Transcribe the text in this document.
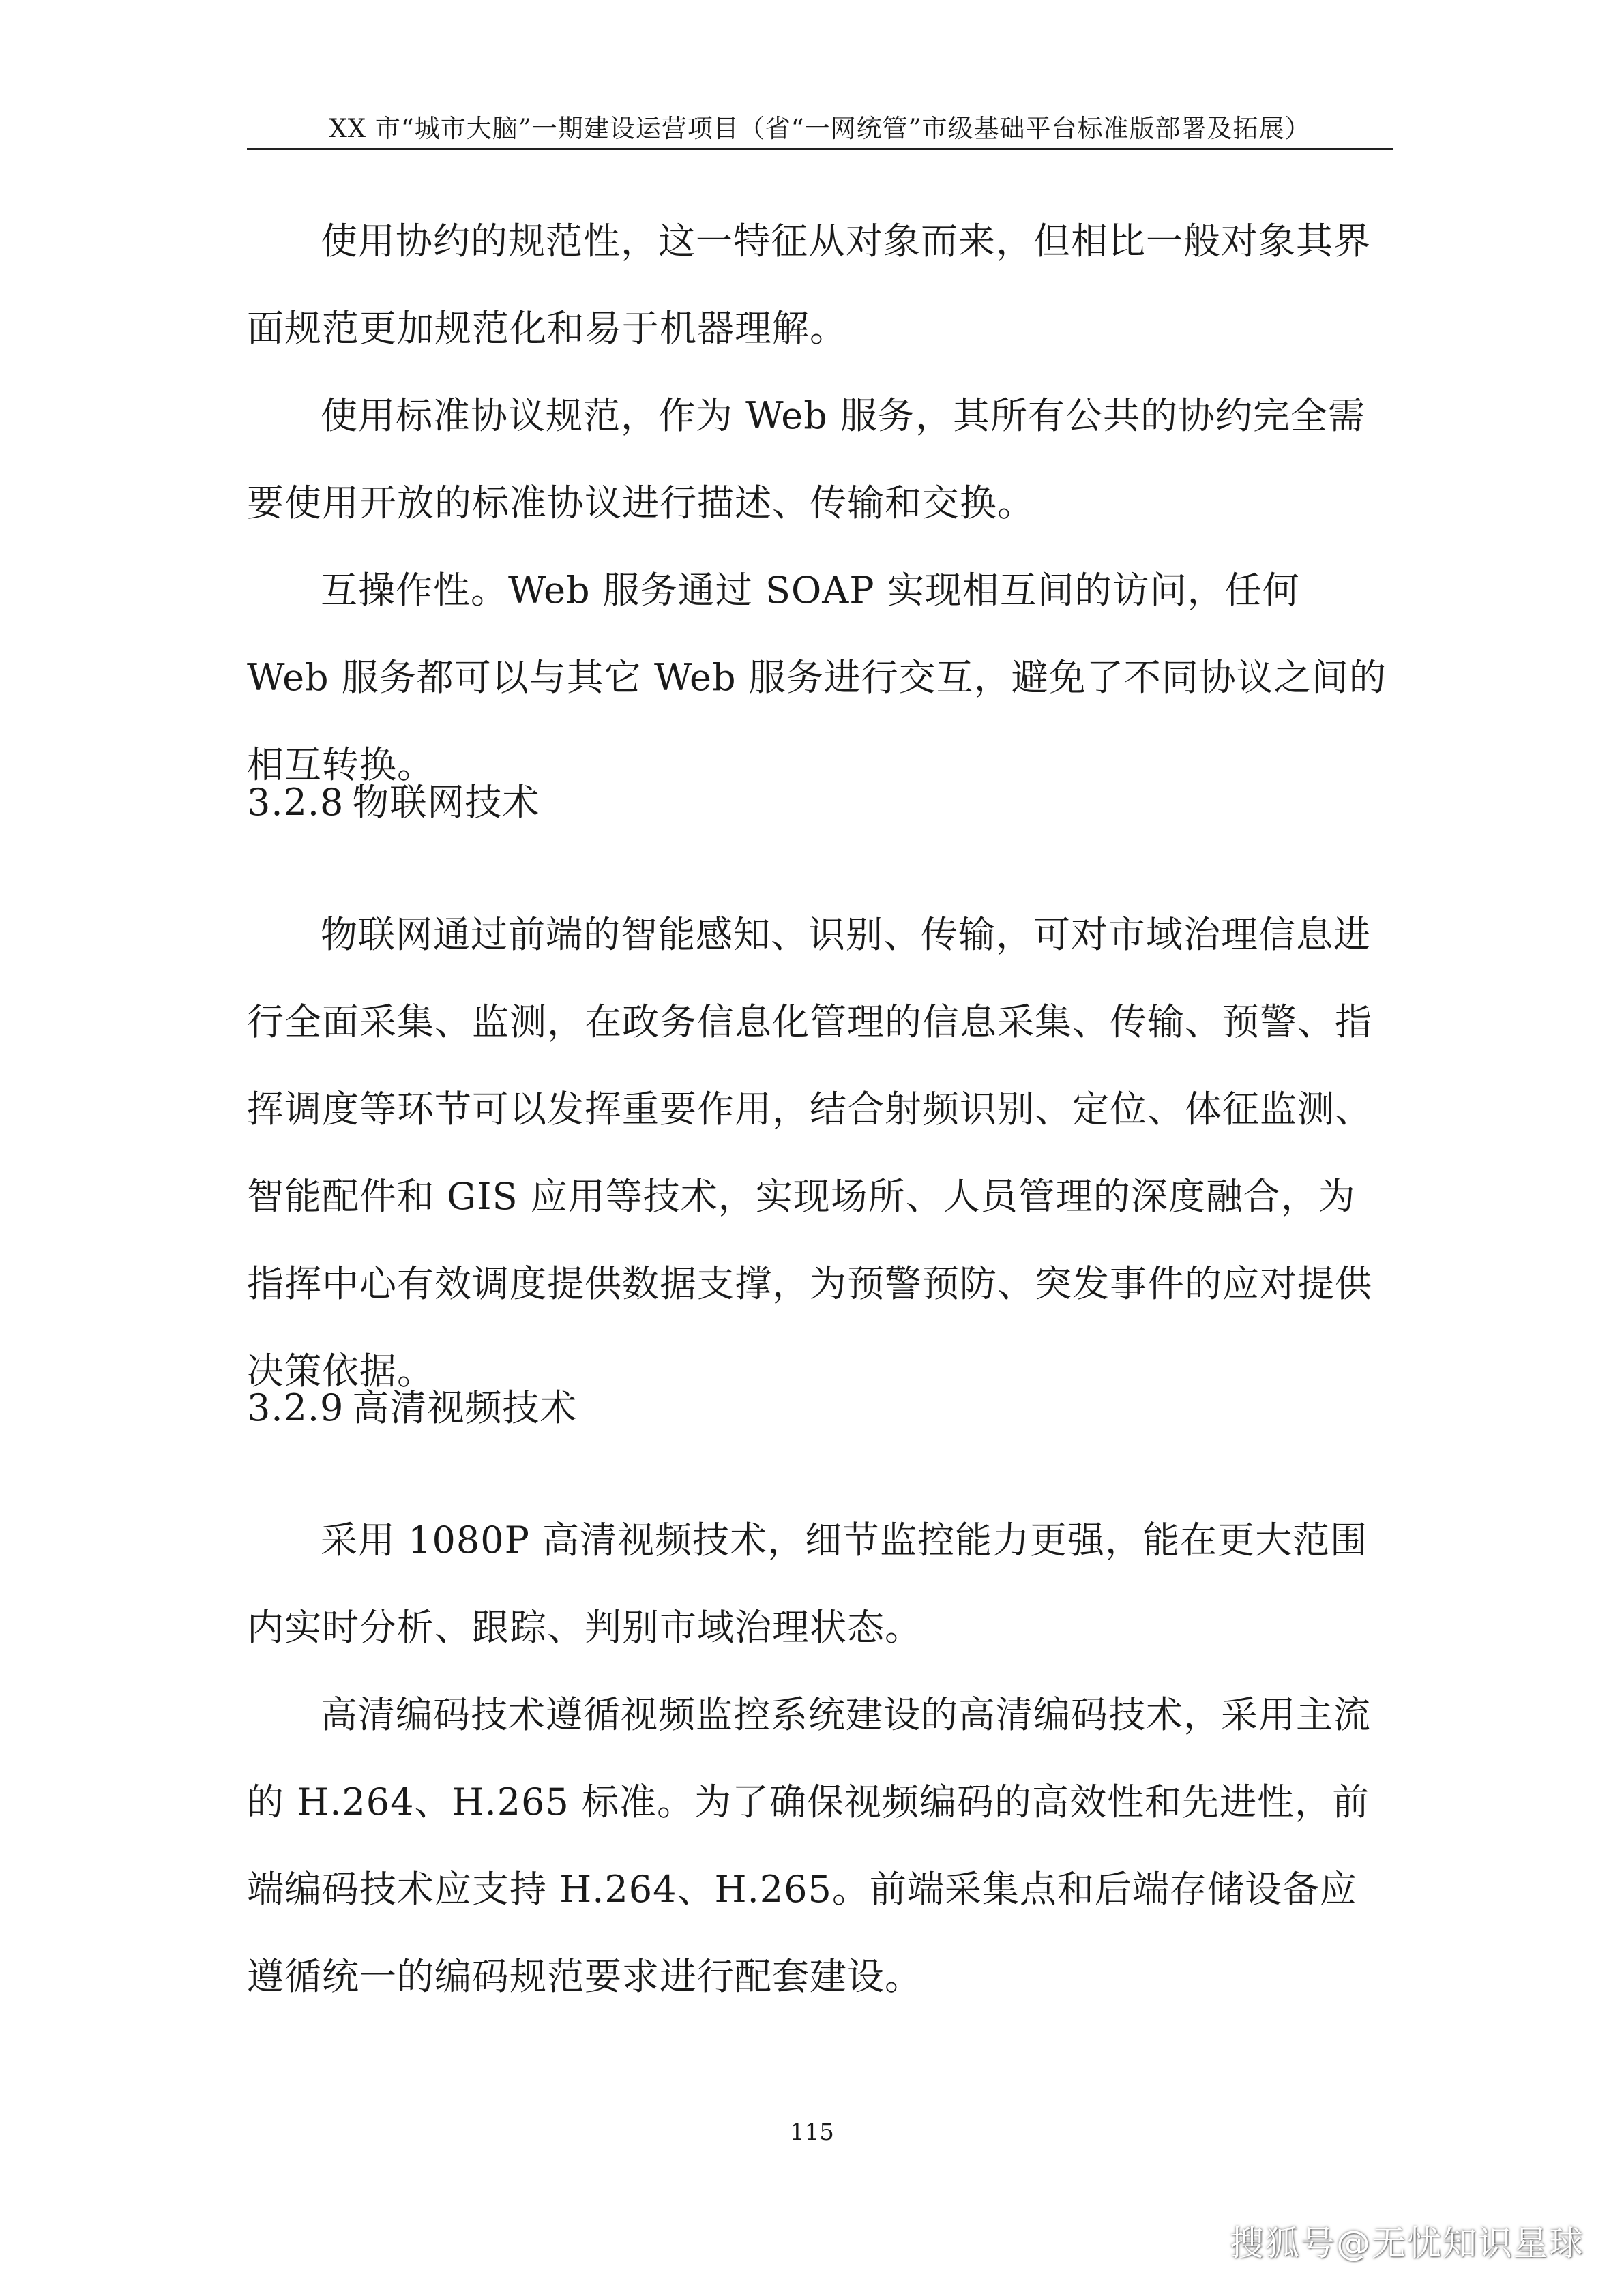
XX 市“城市大脑”一期建设运营项目（省“一网统管”市级基础平台标准版部署及拓展）

使用协约的规范性，这一特征从对象而来，但相比一般对象其界面规范更加规范化和易于机器理解。

使用标准协议规范，作为 Web 服务，其所有公共的协约完全需要使用开放的标准协议进行描述、传输和交换。

互操作性。Web 服务通过 SOAP 实现相互间的访问，任何 Web 服务都可以与其它 Web 服务进行交互，避免了不同协议之间的相互转换。

3.2.8 物联网技术

物联网通过前端的智能感知、识别、传输，可对市域治理信息进行全面采集、监测，在政务信息化管理的信息采集、传输、预警、指挥调度等环节可以发挥重要作用，结合射频识别、定位、体征监测、智能配件和 GIS 应用等技术，实现场所、人员管理的深度融合，为指挥中心有效调度提供数据支撑，为预警预防、突发事件的应对提供决策依据。

3.2.9 高清视频技术

采用 1080P 高清视频技术，细节监控能力更强，能在更大范围内实时分析、跟踪、判别市域治理状态。

高清编码技术遵循视频监控系统建设的高清编码技术，采用主流的 H.264、H.265 标准。为了确保视频编码的高效性和先进性，前端编码技术应支持 H.264、H.265。前端采集点和后端存储设备应遵循统一的编码规范要求进行配套建设。

115
搜狐号@无忧知识星球
